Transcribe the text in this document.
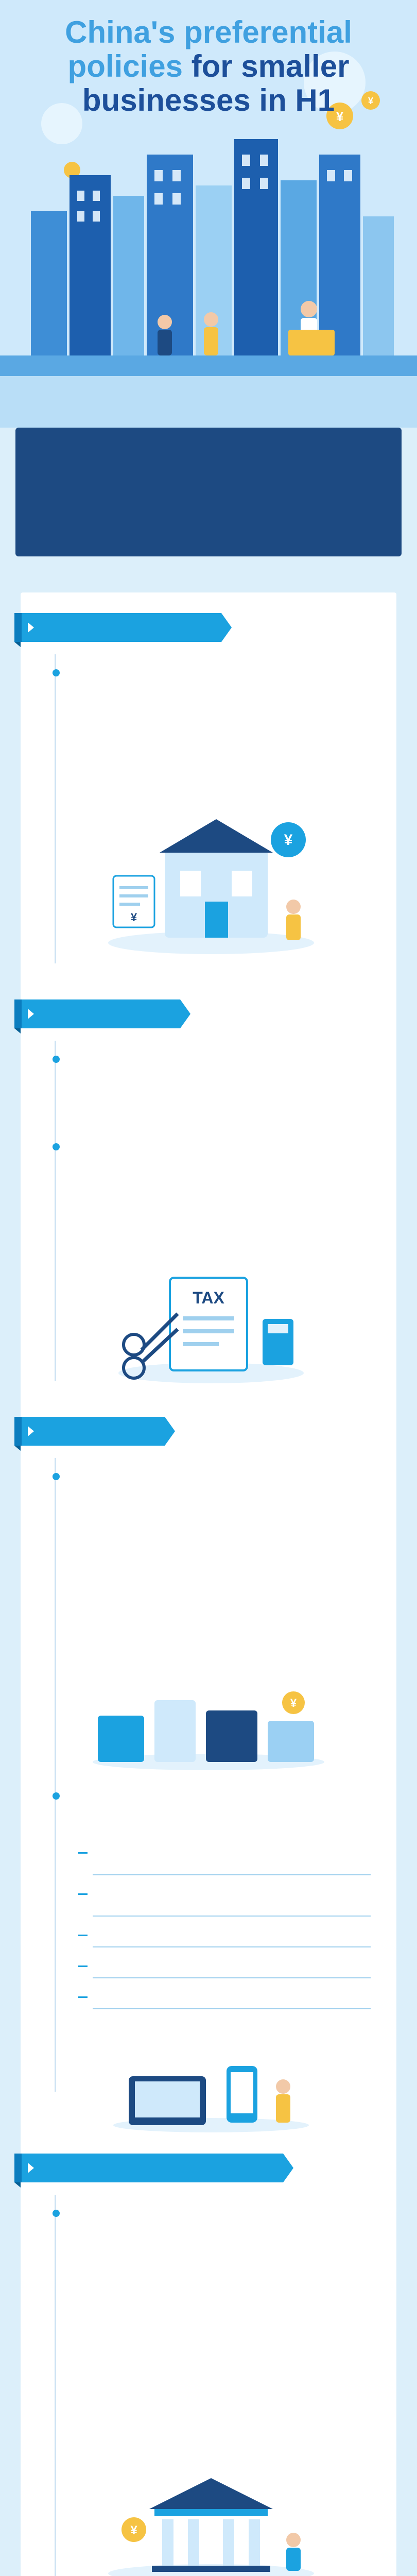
¥
¥
China's preferential
policies for smaller
businesses in H1
¥
¥
TAX
¥
¥
